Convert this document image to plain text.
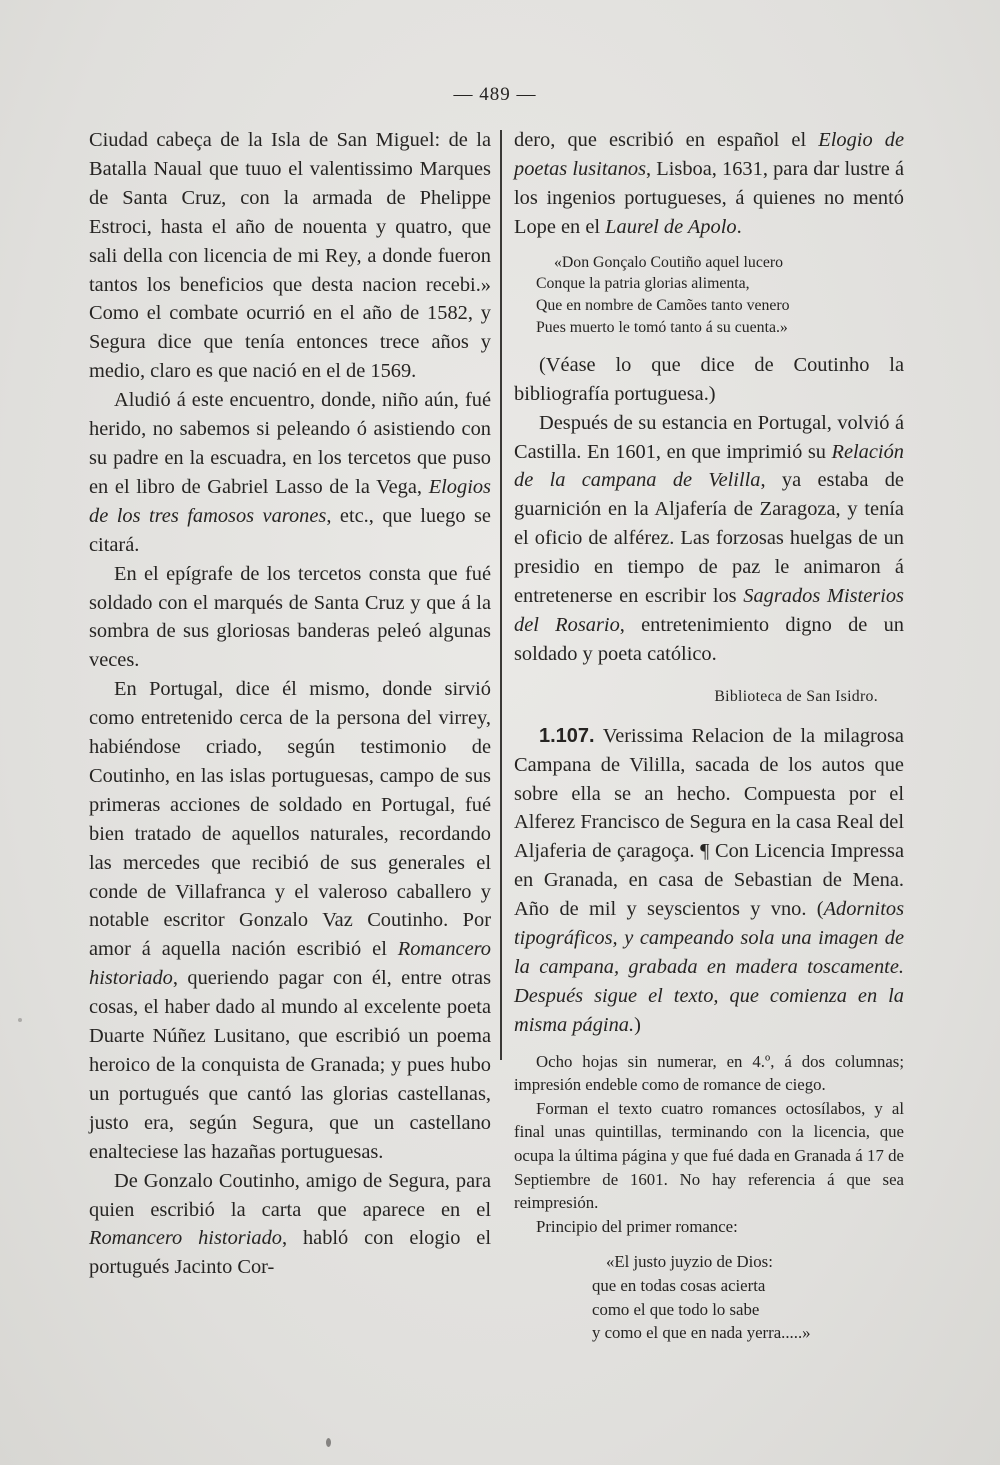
— 489 —

Ciudad cabeça de la Isla de San Miguel: de la Batalla Naual que tuuo el valentissimo Marques de Santa Cruz, con la armada de Phelippe Estroci, hasta el año de nouenta y quatro, que sali della con licencia de mi Rey, a donde fueron tantos los beneficios que desta nacion recebi.» Como el combate ocurrió en el año de 1582, y Segura dice que tenía entonces trece años y medio, claro es que nació en el de 1569.

Aludió á este encuentro, donde, niño aún, fué herido, no sabemos si peleando ó asistiendo con su padre en la escuadra, en los tercetos que puso en el libro de Gabriel Lasso de la Vega, Elogios de los tres famosos varones, etc., que luego se citará.

En el epígrafe de los tercetos consta que fué soldado con el marqués de Santa Cruz y que á la sombra de sus gloriosas banderas peleó algunas veces.

En Portugal, dice él mismo, donde sirvió como entretenido cerca de la persona del virrey, habiéndose criado, según testimonio de Coutinho, en las islas portuguesas, campo de sus primeras acciones de soldado en Portugal, fué bien tratado de aquellos naturales, recordando las mercedes que recibió de sus generales el conde de Villafranca y el valeroso caballero y notable escritor Gonzalo Vaz Coutinho. Por amor á aquella nación escribió el Romancero historiado, queriendo pagar con él, entre otras cosas, el haber dado al mundo al excelente poeta Duarte Núñez Lusitano, que escribió un poema heroico de la conquista de Granada; y pues hubo un portugués que cantó las glorias castellanas, justo era, según Segura, que un castellano enalteciese las hazañas portuguesas.

De Gonzalo Coutinho, amigo de Segura, para quien escribió la carta que aparece en el Romancero historiado, habló con elogio el portugués Jacinto Cor-

dero, que escribió en español el Elogio de poetas lusitanos, Lisboa, 1631, para dar lustre á los ingenios portugueses, á quienes no mentó Lope en el Laurel de Apolo.

«Don Gonçalo Coutiño aquel lucero
Conque la patria glorias alimenta,
Que en nombre de Camões tanto venero
Pues muerto le tomó tanto á su cuenta.»

(Véase lo que dice de Coutinho la bibliografía portuguesa.)

Después de su estancia en Portugal, volvió á Castilla. En 1601, en que imprimió su Relación de la campana de Velilla, ya estaba de guarnición en la Aljafería de Zaragoza, y tenía el oficio de alférez. Las forzosas huelgas de un presidio en tiempo de paz le animaron á entretenerse en escribir los Sagrados Misterios del Rosario, entretenimiento digno de un soldado y poeta católico.

Biblioteca de San Isidro.

1.107. Verissima Relacion de la milagrosa Campana de Vililla, sacada de los autos que sobre ella se an hecho. Compuesta por el Alferez Francisco de Segura en la casa Real del Aljaferia de çaragoça. ¶ Con Licencia Impressa en Granada, en casa de Sebastian de Mena. Año de mil y seyscientos y vno. (Adornitos tipográficos, y campeando sola una imagen de la campana, grabada en madera toscamente. Después sigue el texto, que comienza en la misma página.)

Ocho hojas sin numerar, en 4.º, á dos columnas; impresión endeble como de romance de ciego.

Forman el texto cuatro romances octosílabos, y al final unas quintillas, terminando con la licencia, que ocupa la última página y que fué dada en Granada á 17 de Septiembre de 1601. No hay referencia á que sea reimpresión.

Principio del primer romance:

«El justo juyzio de Dios:
que en todas cosas acierta
como el que todo lo sabe
y como el que en nada yerra.....»
